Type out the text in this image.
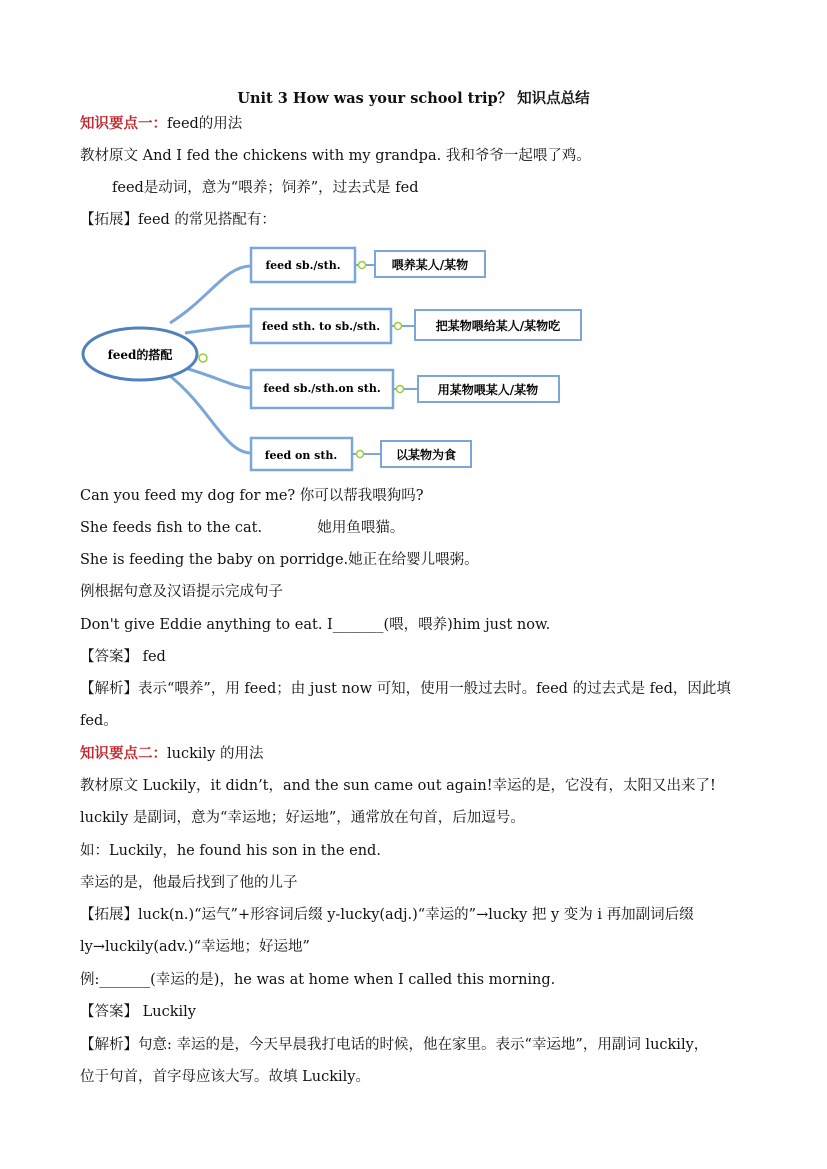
Unit 3 How was your school trip？ 知识点总结
知识要点一：feed的用法
教材原文 And I fed the chickens with my grandpa. 我和爷爷一起喂了鸡。
feed是动词，意为“喂养；饲养”，过去式是 fed
【拓展】feed 的常见搭配有：
feed的搭配
feed sb./sth.	喂养某人/某物
feed sth. to sb./sth.	把某物喂给某人/某物吃
feed sb./sth.on sth.	用某物喂某人/某物
feed on sth.	以某物为食
Can you feed my dog for me? 你可以帮我喂狗吗?
She feeds fish to the cat.            她用鱼喂猫。
She is feeding the baby on porridge.她正在给婴儿喂粥。
例根据句意及汉语提示完成句子
Don't give Eddie anything to eat. I_______(喂，喂养)him just now.
【答案】 fed
【解析】表示“喂养”，用 feed；由 just now 可知，使用一般过去时。feed 的过去式是 fed，因此填
fed。
知识要点二：luckily 的用法
教材原文 Luckily，it didn’t，and the sun came out again!幸运的是，它没有，太阳又出来了!
luckily 是副词，意为“幸运地；好运地”，通常放在句首，后加逗号。
如：Luckily，he found his son in the end.
幸运的是，他最后找到了他的儿子
【拓展】luck(n.)“运气”+形容词后缀 y-lucky(adj.)“幸运的”→lucky 把 y 变为 i 再加副词后缀
ly→luckily(adv.)“幸运地；好运地”
例:_______(幸运的是)，he was at home when I called this morning.
【答案】 Luckily
【解析】句意: 幸运的是，今天早晨我打电话的时候，他在家里。表示“幸运地”，用副词 luckily，
位于句首，首字母应该大写。故填 Luckily。
